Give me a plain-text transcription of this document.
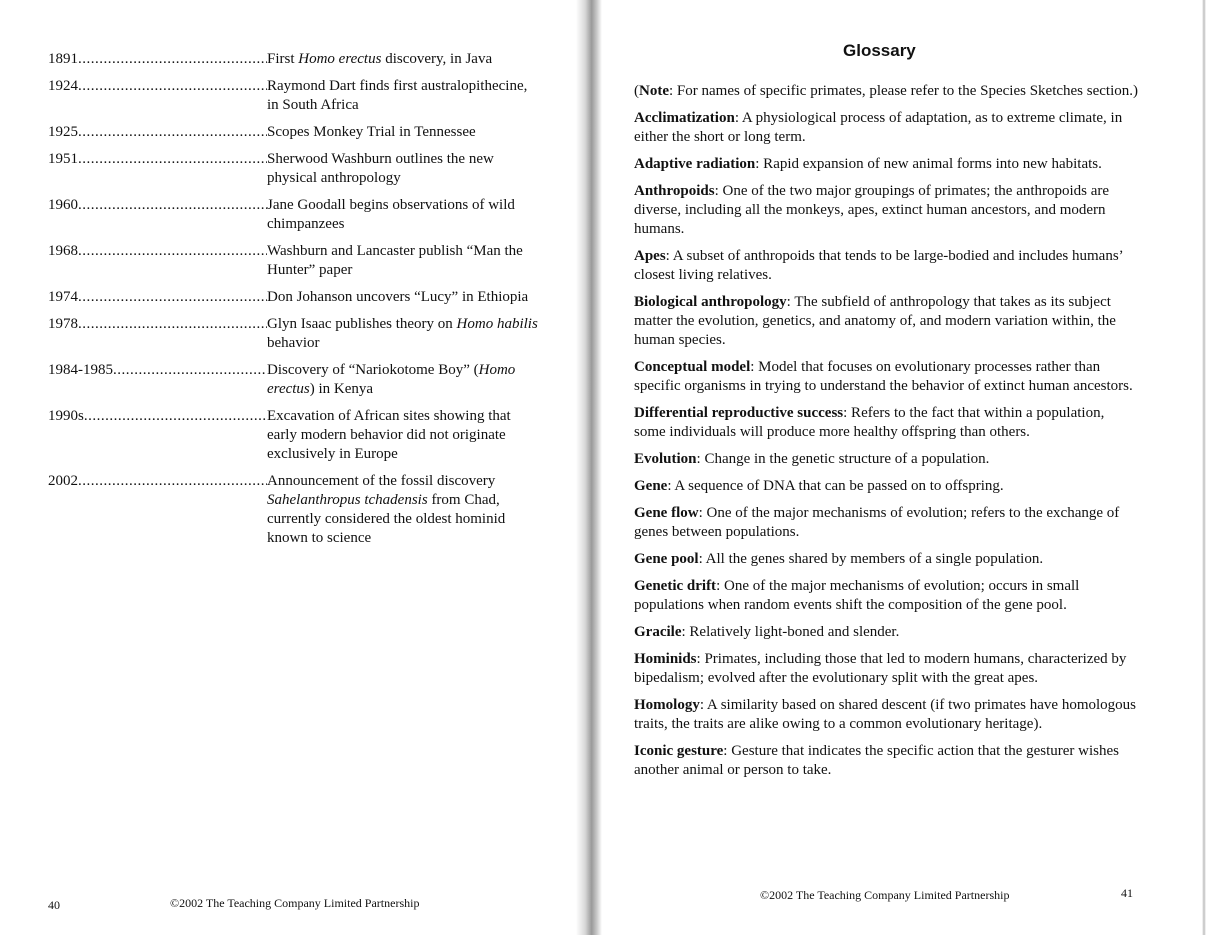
1891 .....	First Homo erectus discovery, in Java
1924 .....	Raymond Dart finds first australopithecine, in South Africa
1925 .....	Scopes Monkey Trial in Tennessee
1951 .....	Sherwood Washburn outlines the new physical anthropology
1960 .....	Jane Goodall begins observations of wild chimpanzees
1968 .....	Washburn and Lancaster publish “Man the Hunter” paper
1974 .....	Don Johanson uncovers “Lucy” in Ethiopia
1978 .....	Glyn Isaac publishes theory on Homo habilis behavior
1984-1985 .....	Discovery of “Nariokotome Boy” (Homo erectus) in Kenya
1990s .....	Excavation of African sites showing that early modern behavior did not originate exclusively in Europe
2002 .....	Announcement of the fossil discovery Sahelanthropus tchadensis from Chad, currently considered the oldest hominid known to science
40	©2002 The Teaching Company Limited Partnership
Glossary

(Note: For names of specific primates, please refer to the Species Sketches section.)

Acclimatization: A physiological process of adaptation, as to extreme climate, in either the short or long term.

Adaptive radiation: Rapid expansion of new animal forms into new habitats.

Anthropoids: One of the two major groupings of primates; the anthropoids are diverse, including all the monkeys, apes, extinct human ancestors, and modern humans.

Apes: A subset of anthropoids that tends to be large-bodied and includes humans’ closest living relatives.

Biological anthropology: The subfield of anthropology that takes as its subject matter the evolution, genetics, and anatomy of, and modern variation within, the human species.

Conceptual model: Model that focuses on evolutionary processes rather than specific organisms in trying to understand the behavior of extinct human ancestors.

Differential reproductive success: Refers to the fact that within a population, some individuals will produce more healthy offspring than others.

Evolution: Change in the genetic structure of a population.

Gene: A sequence of DNA that can be passed on to offspring.

Gene flow: One of the major mechanisms of evolution; refers to the exchange of genes between populations.

Gene pool: All the genes shared by members of a single population.

Genetic drift: One of the major mechanisms of evolution; occurs in small populations when random events shift the composition of the gene pool.

Gracile: Relatively light-boned and slender.

Hominids: Primates, including those that led to modern humans, characterized by bipedalism; evolved after the evolutionary split with the great apes.

Homology: A similarity based on shared descent (if two primates have homologous traits, the traits are alike owing to a common evolutionary heritage).

Iconic gesture: Gesture that indicates the specific action that the gesturer wishes another animal or person to take.

©2002 The Teaching Company Limited Partnership	41
